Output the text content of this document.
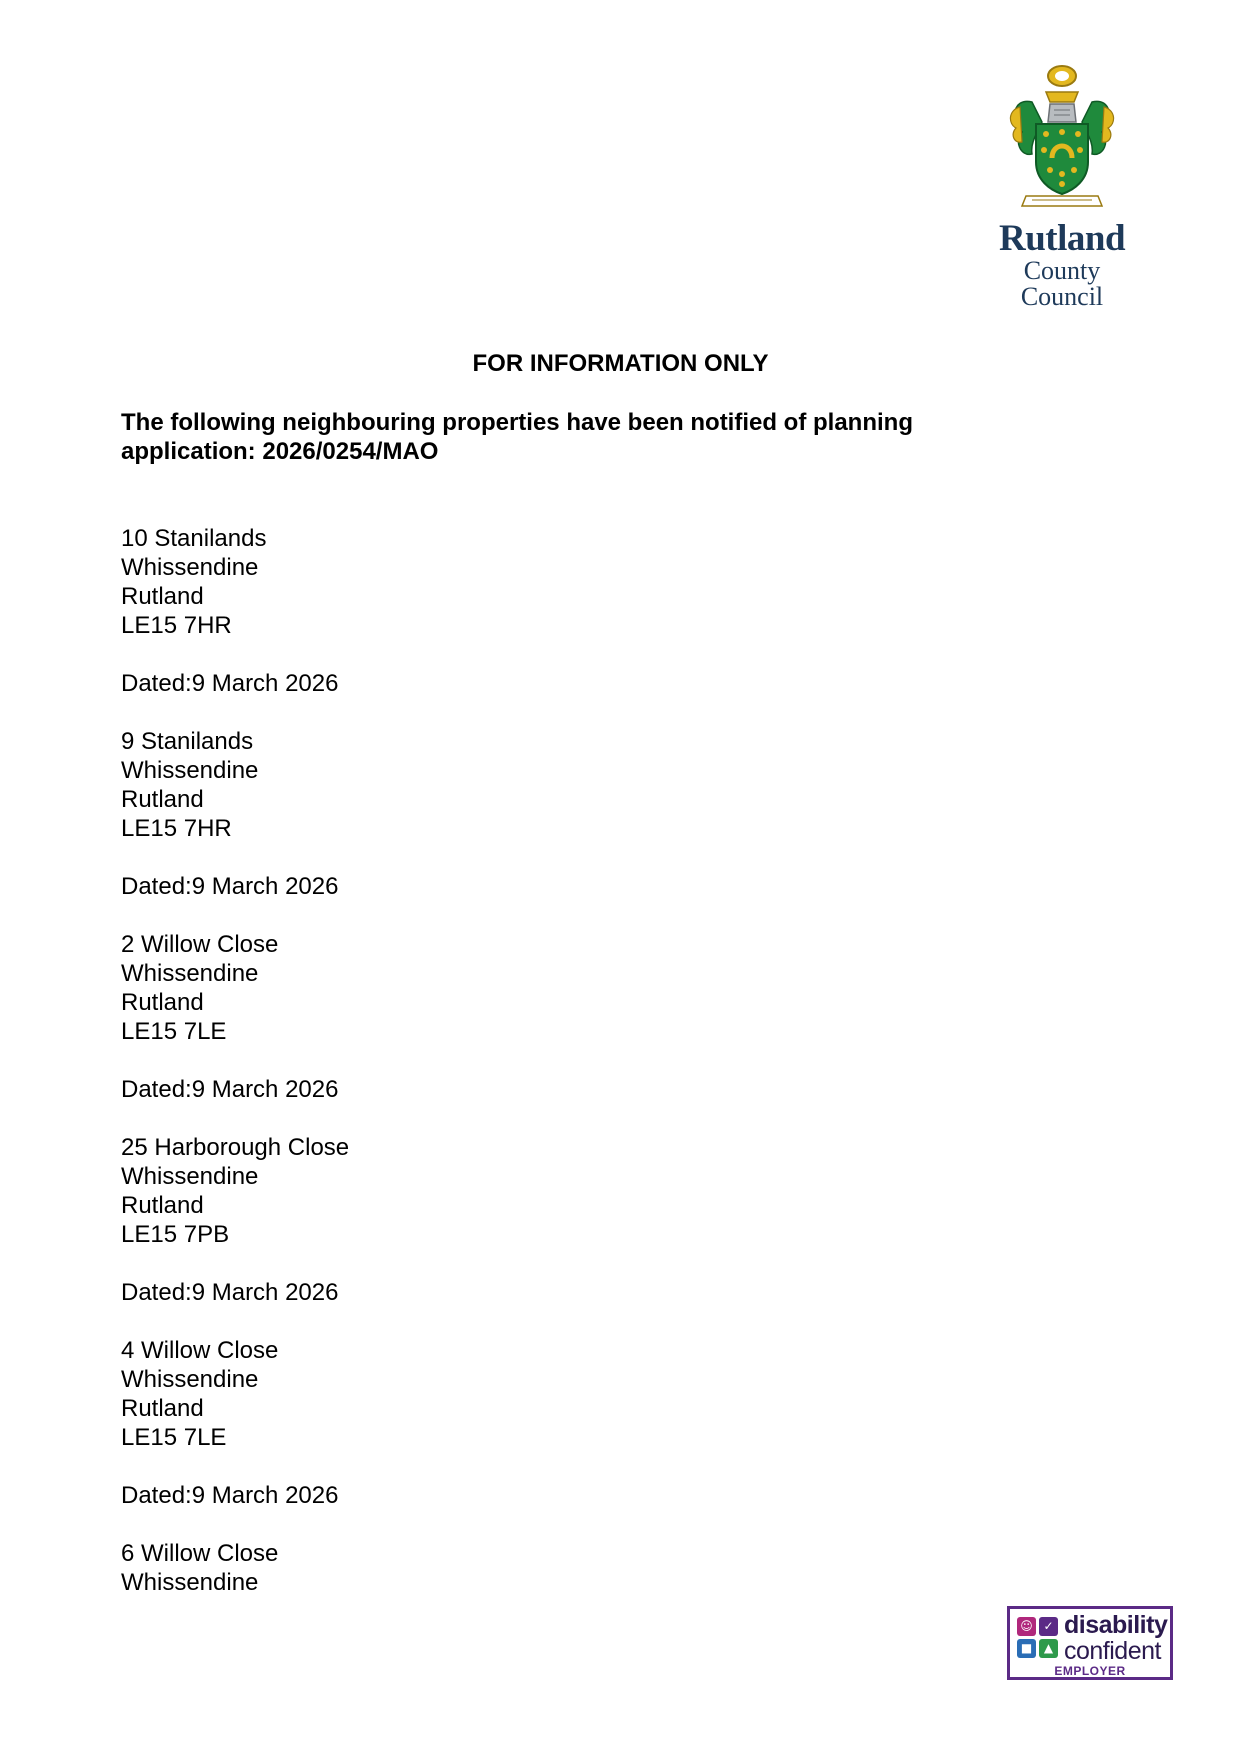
Rutland
County Council
FOR INFORMATION ONLY

The following neighbouring properties have been notified of planning
application: 2026/0254/MAO

10 Stanilands
Whissendine
Rutland
LE15 7HR
Dated:9 March 2026
9 Stanilands
Whissendine
Rutland
LE15 7HR
Dated:9 March 2026
2 Willow Close
Whissendine
Rutland
LE15 7LE
Dated:9 March 2026
25 Harborough Close
Whissendine
Rutland
LE15 7PB
Dated:9 March 2026
4 Willow Close
Whissendine
Rutland
LE15 7LE
Dated:9 March 2026
6 Willow Close
Whissendine
☺ ✓
■ ▲
disability
confident
EMPLOYER
